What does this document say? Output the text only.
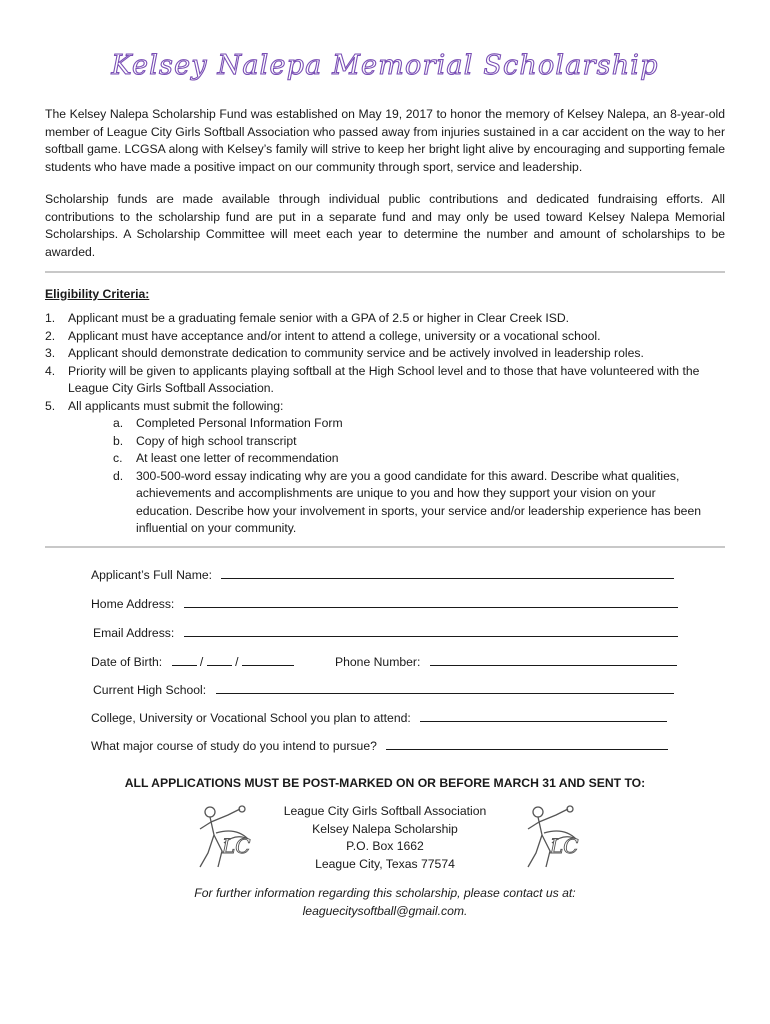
Kelsey Nalepa Memorial Scholarship

The Kelsey Nalepa Scholarship Fund was established on May 19, 2017 to honor the memory of Kelsey Nalepa, an 8-year-old member of League City Girls Softball Association who passed away from injuries sustained in a car accident on the way to her softball game. LCGSA along with Kelsey’s family will strive to keep her bright light alive by encouraging and supporting female students who have made a positive impact on our community through sport, service and leadership.

Scholarship funds are made available through individual public contributions and dedicated fundraising efforts. All contributions to the scholarship fund are put in a separate fund and may only be used toward Kelsey Nalepa Memorial Scholarships. A Scholarship Committee will meet each year to determine the number and amount of scholarships to be awarded.

Eligibility Criteria:
1.	Applicant must be a graduating female senior with a GPA of 2.5 or higher in Clear Creek ISD.
2.	Applicant must have acceptance and/or intent to attend a college, university or a vocational school.
3.	Applicant should demonstrate dedication to community service and be actively involved in leadership roles.
4.	Priority will be given to applicants playing softball at the High School level and to those that have volunteered with the League City Girls Softball Association.
5.	All applicants must submit the following:
a.	Completed Personal Information Form
b.	Copy of high school transcript
c.	At least one letter of recommendation
d.	300-500-word essay indicating why are you a good candidate for this award. Describe what qualities, achievements and accomplishments are unique to you and how they support your vision on your education. Describe how your involvement in sports, your service and/or leadership experience has been influential on your community.
Applicant’s Full Name:
Home Address:
Email Address:
Date of Birth:	/	/	Phone Number:
Current High School:
College, University or Vocational School you plan to attend:
What major course of study do you intend to pursue?
ALL APPLICATIONS MUST BE POST-MARKED ON OR BEFORE MARCH 31 AND SENT TO:
LC
League City Girls Softball Association
Kelsey Nalepa Scholarship
P.O. Box 1662
League City, Texas 77574
LC
For further information regarding this scholarship, please contact us at:
leaguecitysoftball@gmail.com.
